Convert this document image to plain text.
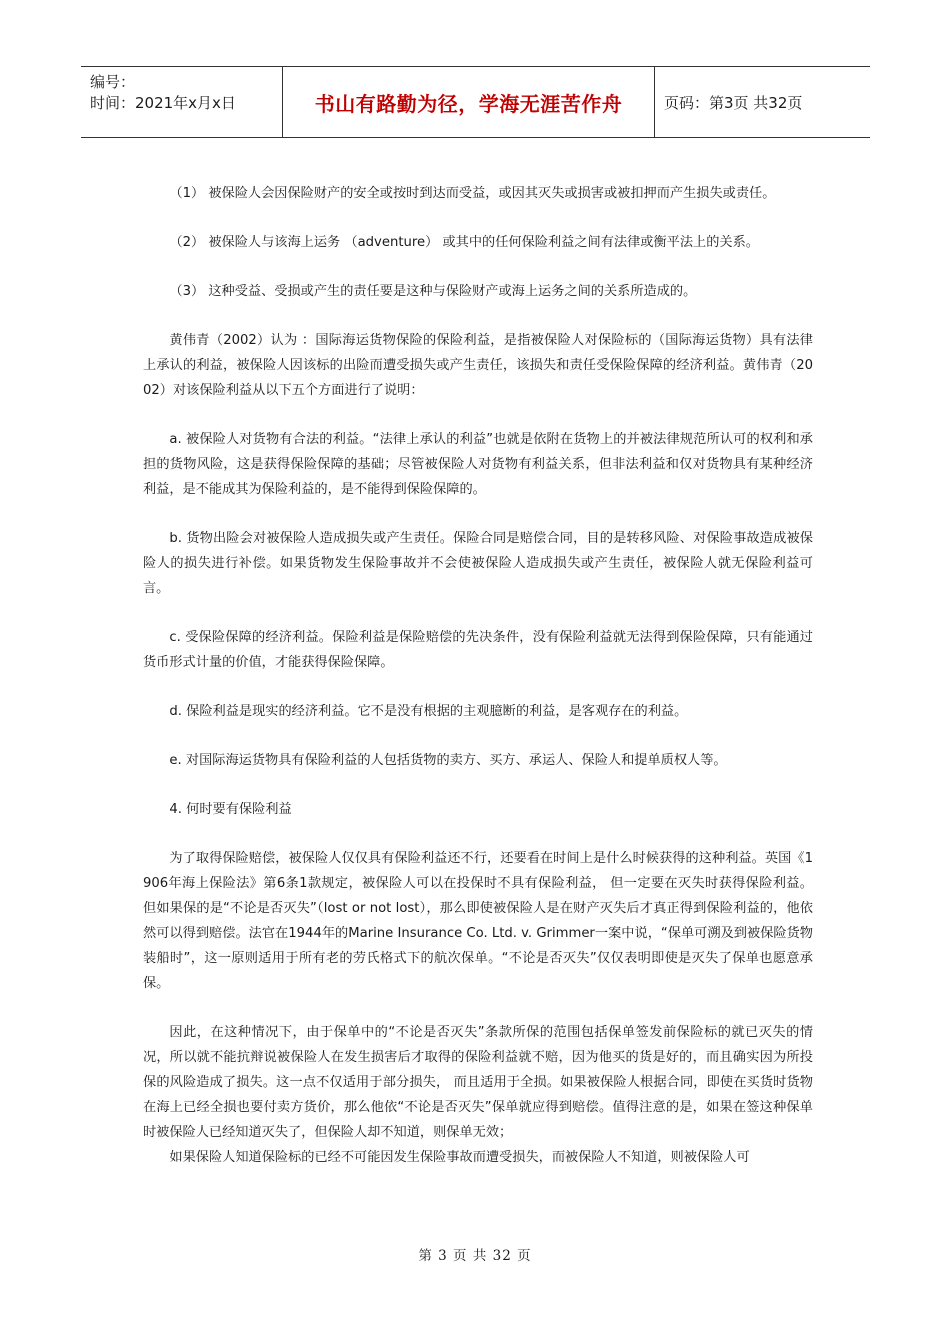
编号：
时间：2021年x月x日	书山有路勤为径，学海无涯苦作舟	页码：第3页 共32页

（1） 被保险人会因保险财产的安全或按时到达而受益，或因其灭失或损害或被扣押而产生损失或责任。

（2） 被保险人与该海上运务 （adventure） 或其中的任何保险利益之间有法律或衡平法上的关系。

（3） 这种受益、受损或产生的责任要是这种与保险财产或海上运务之间的关系所造成的。

黄伟青（2002）认为 ：国际海运货物保险的保险利益，是指被保险人对保险标的（国际海运货物）具有法律上承认的利益，被保险人因该标的出险而遭受损失或产生责任，该损失和责任受保险保障的经济利益。黄伟青（2002）对该保险利益从以下五个方面进行了说明：

a. 被保险人对货物有合法的利益。“法律上承认的利益”也就是依附在货物上的并被法律规范所认可的权利和承担的货物风险，这是获得保险保障的基础；尽管被保险人对货物有利益关系，但非法利益和仅对货物具有某种经济利益，是不能成其为保险利益的，是不能得到保险保障的。

b. 货物出险会对被保险人造成损失或产生责任。保险合同是赔偿合同，目的是转移风险、对保险事故造成被保险人的损失进行补偿。如果货物发生保险事故并不会使被保险人造成损失或产生责任，被保险人就无保险利益可言。

c. 受保险保障的经济利益。保险利益是保险赔偿的先决条件，没有保险利益就无法得到保险保障，只有能通过货币形式计量的价值，才能获得保险保障。

d. 保险利益是现实的经济利益。它不是没有根据的主观臆断的利益，是客观存在的利益。

e. 对国际海运货物具有保险利益的人包括货物的卖方、买方、承运人、保险人和提单质权人等。

4. 何时要有保险利益

为了取得保险赔偿，被保险人仅仅具有保险利益还不行，还要看在时间上是什么时候获得的这种利益。英国《1906年海上保险法》第6条1款规定，被保险人可以在投保时不具有保险利益， 但一定要在灭失时获得保险利益。 但如果保的是“不论是否灭失”（lost or not lost），那么即使被保险人是在财产灭失后才真正得到保险利益的，他依然可以得到赔偿。法官在1944年的Marine Insurance Co. Ltd. v. Grimmer一案中说，“保单可溯及到被保险货物装船时”，这一原则适用于所有老的劳氏格式下的航次保单。“不论是否灭失”仅仅表明即使是灭失了保单也愿意承保。

因此，在这种情况下，由于保单中的“不论是否灭失”条款所保的范围包括保单签发前保险标的就已灭失的情况，所以就不能抗辩说被保险人在发生损害后才取得的保险利益就不赔，因为他买的货是好的，而且确实因为所投保的风险造成了损失。这一点不仅适用于部分损失， 而且适用于全损。如果被保险人根据合同，即使在买货时货物在海上已经全损也要付卖方货价，那么他依“不论是否灭失”保单就应得到赔偿。值得注意的是，如果在签这种保单时被保险人已经知道灭失了，但保险人却不知道，则保单无效；

如果保险人知道保险标的已经不可能因发生保险事故而遭受损失，而被保险人不知道，则被保险人可

第 3 页 共 32 页
